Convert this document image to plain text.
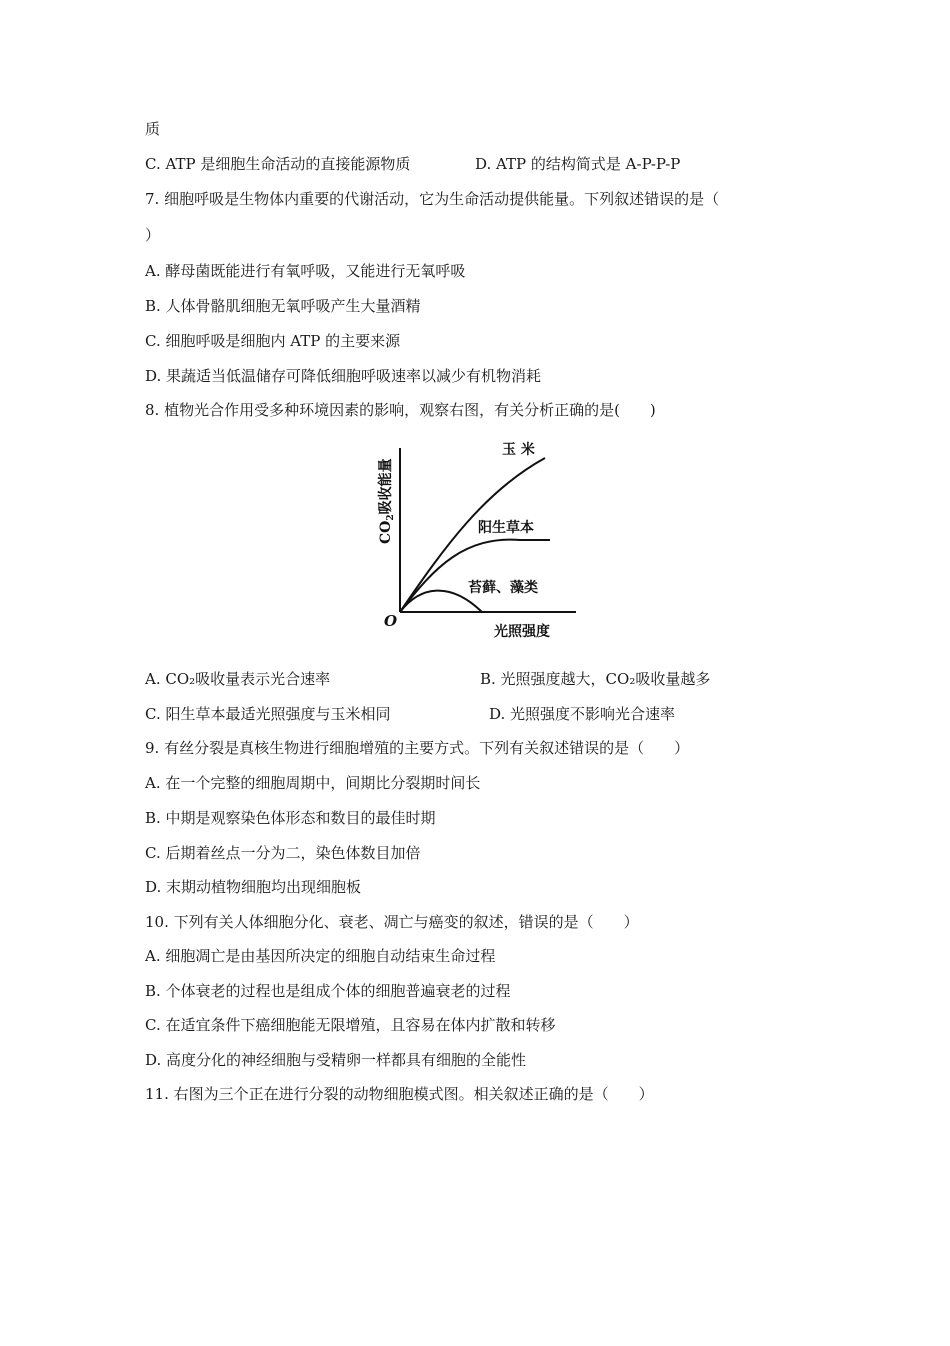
质
C. ATP 是细胞生命活动的直接能源物质	D. ATP 的结构简式是 A-P-P-P
7. 细胞呼吸是生物体内重要的代谢活动，它为生命活动提供能量。下列叙述错误的是（
）
A. 酵母菌既能进行有氧呼吸，又能进行无氧呼吸
B. 人体骨骼肌细胞无氧呼吸产生大量酒精
C. 细胞呼吸是细胞内 ATP 的主要来源
D. 果蔬适当低温储存可降低细胞呼吸速率以减少有机物消耗
8. 植物光合作用受多种环境因素的影响，观察右图，有关分析正确的是(　　)
O
光照强度
玉 米
阳生草本
苔藓、藻类
$CO_2$吸收能量
A. CO₂吸收量表示光合速率	B. 光照强度越大，CO₂吸收量越多
C. 阳生草本最适光照强度与玉米相同	D. 光照强度不影响光合速率
9. 有丝分裂是真核生物进行细胞增殖的主要方式。下列有关叙述错误的是（　　）
A. 在一个完整的细胞周期中，间期比分裂期时间长
B. 中期是观察染色体形态和数目的最佳时期
C. 后期着丝点一分为二，染色体数目加倍
D. 末期动植物细胞均出现细胞板
10. 下列有关人体细胞分化、衰老、凋亡与癌变的叙述，错误的是（　　）
A. 细胞凋亡是由基因所决定的细胞自动结束生命过程
B. 个体衰老的过程也是组成个体的细胞普遍衰老的过程
C. 在适宜条件下癌细胞能无限增殖，且容易在体内扩散和转移
D. 高度分化的神经细胞与受精卵一样都具有细胞的全能性
11. 右图为三个正在进行分裂的动物细胞模式图。相关叙述正确的是（　　）
